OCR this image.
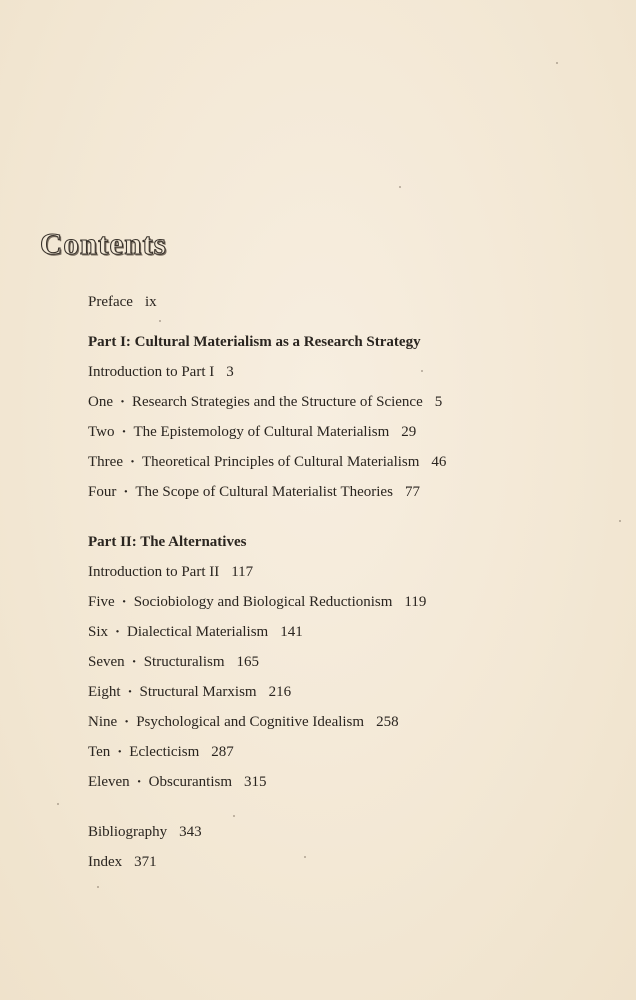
Contents
Preface ix
Part I: Cultural Materialism as a Research Strategy
Introduction to Part I 3
One · Research Strategies and the Structure of Science 5
Two · The Epistemology of Cultural Materialism 29
Three · Theoretical Principles of Cultural Materialism 46
Four · The Scope of Cultural Materialist Theories 77
Part II: The Alternatives
Introduction to Part II 117
Five · Sociobiology and Biological Reductionism 119
Six · Dialectical Materialism 141
Seven · Structuralism 165
Eight · Structural Marxism 216
Nine · Psychological and Cognitive Idealism 258
Ten · Eclecticism 287
Eleven · Obscurantism 315
Bibliography 343
Index 371
